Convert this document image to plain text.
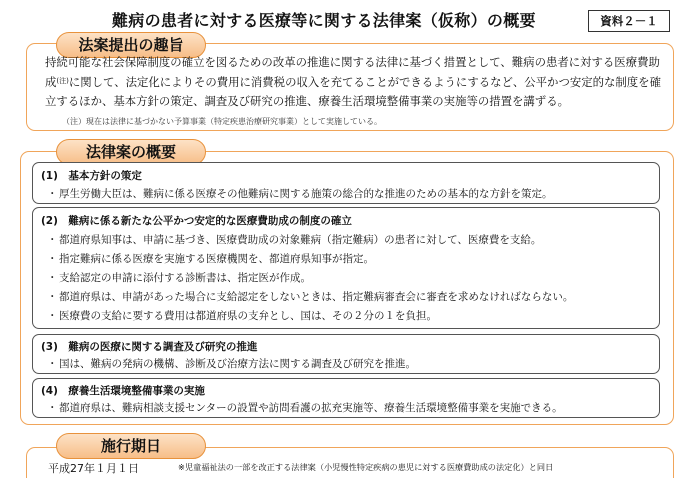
難病の患者に対する医療等に関する法律案（仮称）の概要	資料２－１
法案提出の趣旨
持続可能な社会保障制度の確立を図るための改革の推進に関する法律に基づく措置として、難病の患者に対する医療費助成$^{(注)}$に関して、法定化によりその費用に消費税の収入を充てることができるようにするなど、公平かつ安定的な制度を確立するほか、基本方針の策定、調査及び研究の推進、療養生活環境整備事業の実施等の措置を講ずる。
（注）現在は法律に基づかない予算事業（特定疾患治療研究事業）として実施している。
法律案の概要
(1)　基本方針の策定
・ 厚生労働大臣は、難病に係る医療その他難病に関する施策の総合的な推進のための基本的な方針を策定。
(2)　難病に係る新たな公平かつ安定的な医療費助成の制度の確立
・ 都道府県知事は、申請に基づき、医療費助成の対象難病（指定難病）の患者に対して、医療費を支給。
・ 指定難病に係る医療を実施する医療機関を、都道府県知事が指定。
・ 支給認定の申請に添付する診断書は、指定医が作成。
・ 都道府県は、申請があった場合に支給認定をしないときは、指定難病審査会に審査を求めなければならない。
・ 医療費の支給に要する費用は都道府県の支弁とし、国は、その２分の１を負担。
(3)　難病の医療に関する調査及び研究の推進
・ 国は、難病の発病の機構、診断及び治療方法に関する調査及び研究を推進。
(4)　療養生活環境整備事業の実施
・ 都道府県は、難病相談支援センターの設置や訪問看護の拡充実施等、療養生活環境整備事業を実施できる。
施行期日
平成27年１月１日	※児童福祉法の一部を改正する法律案（小児慢性特定疾病の患児に対する医療費助成の法定化）と同日
